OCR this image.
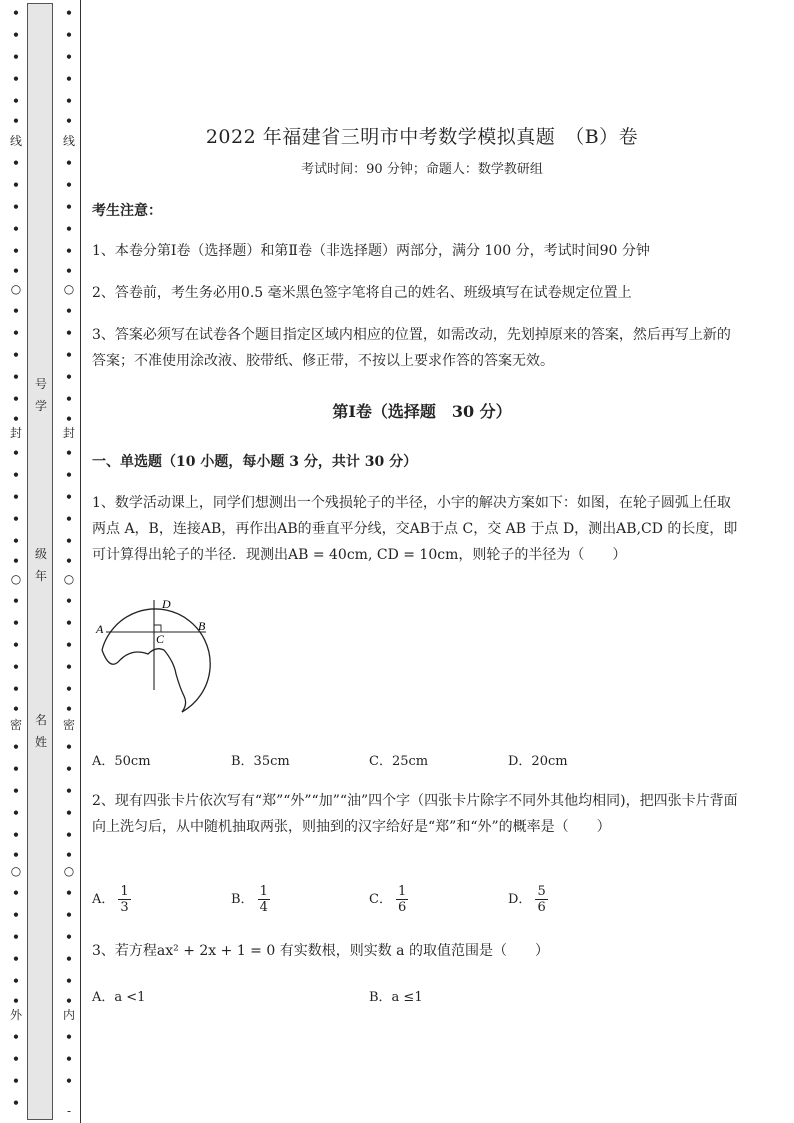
•
•
•
•
•
•
线
•
•
•
•
•
•
○
•
•
•
•
•
•
封
•
•
•
•
•
•
○
•
•
•
•
•
•
密
•
•
•
•
•
•
○
•
•
•
•
•
•
外
•
•
•
•
号
学
级
年
名
姓
•
•
•
•
•
•
线
•
•
•
•
•
•
○
•
•
•
•
•
•
封
•
•
•
•
•
•
○
•
•
•
•
•
•
密
•
•
•
•
•
•
○
•
•
•
•
•
•
内
•
•
•
-
2022 年福建省三明市中考数学模拟真题　（B）卷
考试时间：90 分钟；命题人：数学教研组
考生注意：
1、本卷分第Ⅰ卷（选择题）和第Ⅱ卷（非选择题）两部分，满分 100 分，考试时间90 分钟
2、答卷前，考生务必用0.5 毫米黑色签字笔将自己的姓名、班级填写在试卷规定位置上
3、答案必须写在试卷各个题目指定区域内相应的位置，如需改动，先划掉原来的答案，然后再写上新的答案；不准使用涂改液、胶带纸、修正带，不按以上要求作答的答案无效。
第Ⅰ卷（选择题　30 分）
一、单选题（10 小题，每小题 3 分，共计 30 分）
1、数学活动课上，同学们想测出一个残损轮子的半径，小宇的解决方案如下：如图，在轮子圆弧上任取两点 A，B，连接AB，再作出AB的垂直平分线，交AB于点 C，交 AB 于点 D，测出AB,CD 的长度，即可计算得出轮子的半径．现测出AB = 40cm, CD = 10cm，则轮子的半径为（　　）
A	B
C
D
A．50cm	B．35cm	C．25cm	D．20cm
2、现有四张卡片依次写有“郑”“外”“加”“油”四个字（四张卡片除字不同外其他均相同)，把四张卡片背面向上洗匀后，从中随机抽取两张，则抽到的汉字给好是“郑”和“外”的概率是（　　）
A． $\frac{1}{3}$	B． $\frac{1}{4}$	C． $\frac{1}{6}$	D． $\frac{5}{6}$
3、若方程ax² + 2x + 1 = 0 有实数根，则实数 a 的取值范围是（　　）
A．a <1	B．a ≤1
